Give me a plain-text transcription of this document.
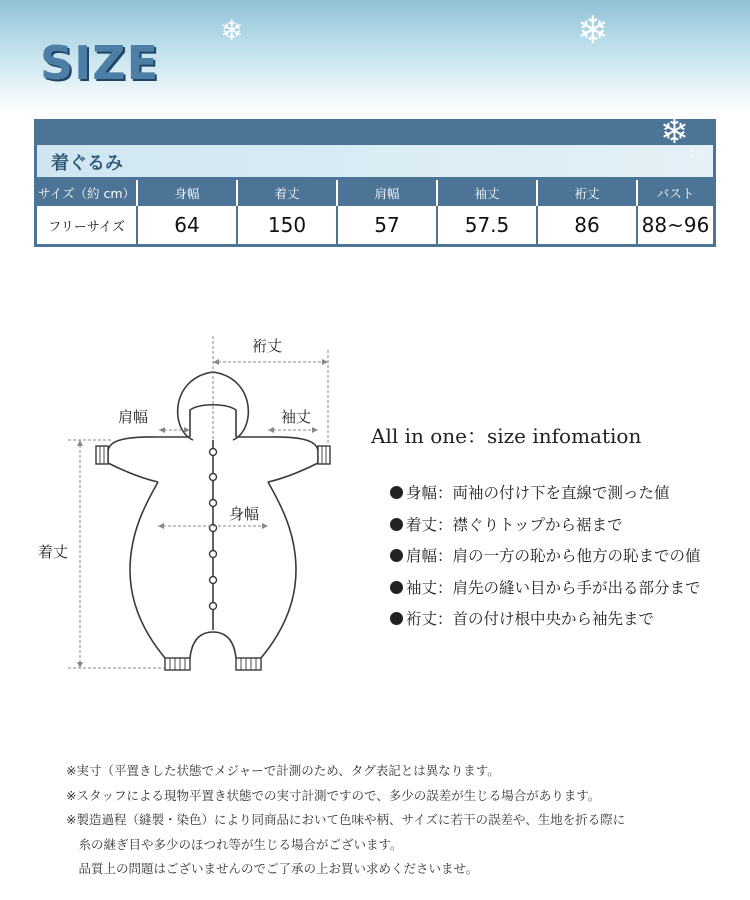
❄	❄
SIZE
着ぐるみ
サイズ（約 cm）	身幅	着丈	肩幅	袖丈	裄丈	バスト
フリーサイズ	64	150	57	57.5	86	88~96
❄
❄
裄丈
肩幅	袖丈
身幅
着丈
All in one：size infomation
身幅：両袖の付け下を直線で測った値
着丈：襟ぐりトップから裾まで
肩幅：肩の一方の恥から他方の恥までの値
袖丈：肩先の縫い目から手が出る部分まで
裄丈：首の付け根中央から袖先まで
※実寸（平置きした状態でメジャーで計測のため、タグ表記とは異なります。
※スタッフによる現物平置き状態での実寸計測ですので、多少の誤差が生じる場合があります。
※製造過程（縫製・染色）により同商品において色味や柄、サイズに若干の誤差や、生地を折る際に
　糸の継ぎ目や多少のほつれ等が生じる場合がございます。
　品質上の問題はございませんのでご了承の上お買い求めくださいませ。
